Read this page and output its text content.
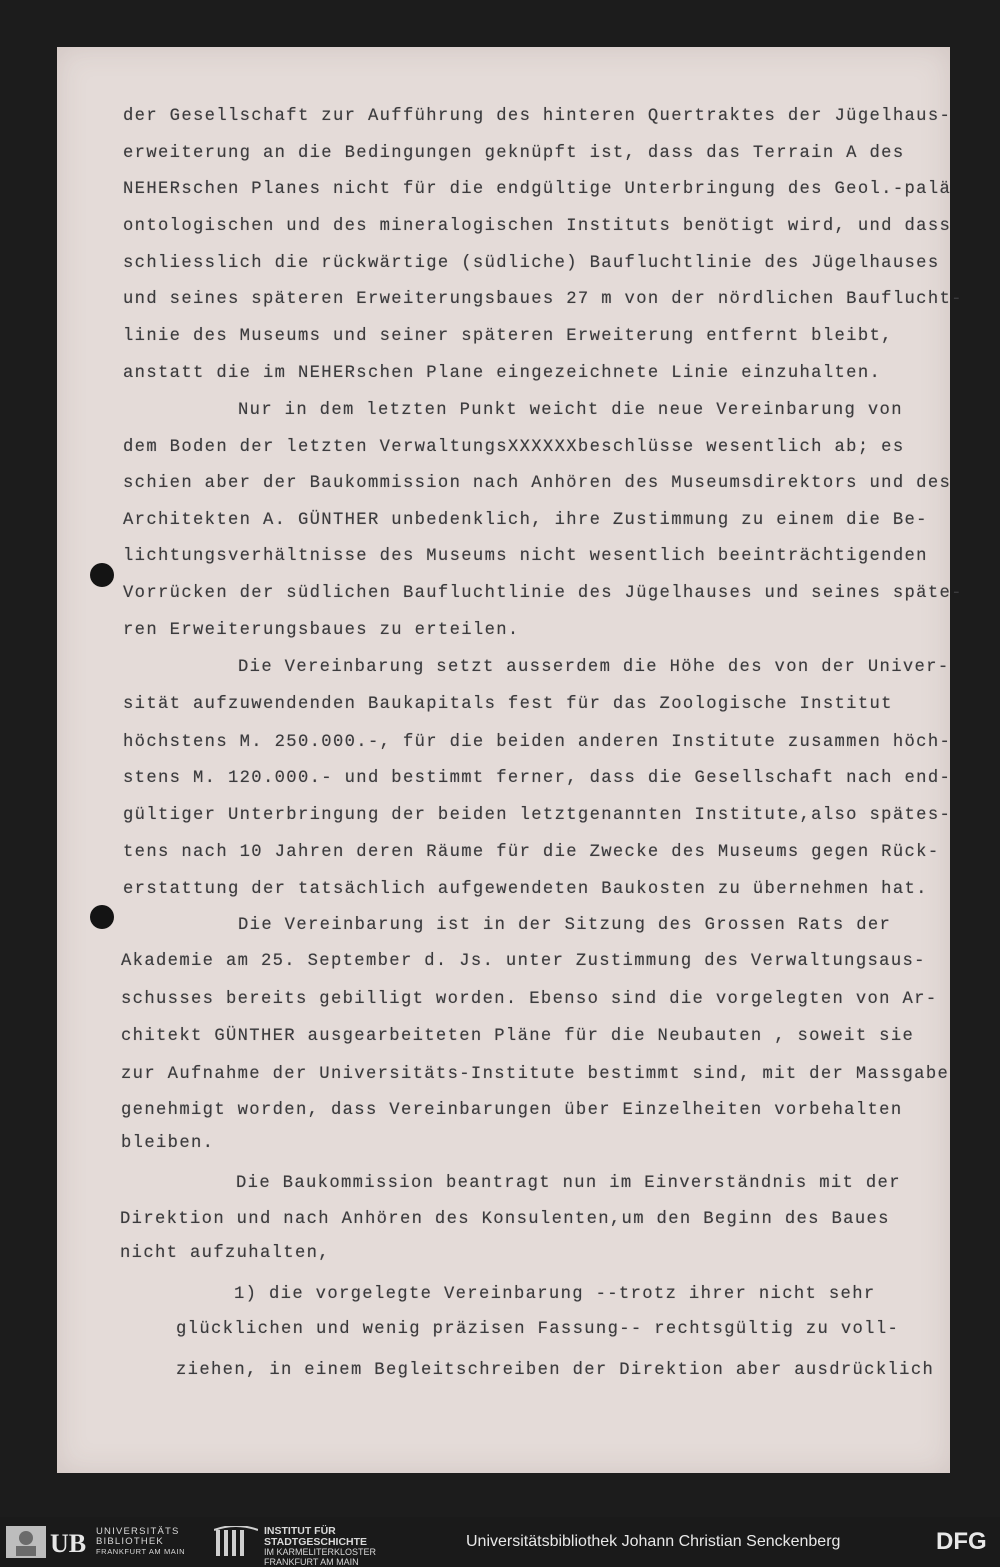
der Gesellschaft zur Aufführung des hinteren Quertraktes der Jügelhaus-
erweiterung an die Bedingungen geknüpft ist, dass das Terrain A des
NEHERschen Planes nicht für die endgültige Unterbringung des Geol.-palä
ontologischen und des mineralogischen Instituts benötigt wird, und dass
schliesslich die rückwärtige (südliche) Baufluchtlinie des Jügelhauses
und seines späteren Erweiterungsbaues 27 m von der nördlichen Bauflucht-
linie des Museums und seiner späteren Erweiterung entfernt bleibt,
anstatt die im NEHERschen Plane eingezeichnete Linie einzuhalten.
Nur in dem letzten Punkt weicht die neue Vereinbarung von
dem Boden der letzten VerwaltungsXXXXXXbeschlüsse wesentlich ab; es
schien aber der Baukommission nach Anhören des Museumsdirektors und des
Architekten A. GÜNTHER unbedenklich, ihre Zustimmung zu einem die Be-
lichtungsverhältnisse des Museums nicht wesentlich beeinträchtigenden
Vorrücken der südlichen Baufluchtlinie des Jügelhauses und seines späte-
ren Erweiterungsbaues zu erteilen.
Die Vereinbarung setzt ausserdem die Höhe des von der Univer-
sität aufzuwendenden Baukapitals fest für das Zoologische Institut
höchstens M. 250.000.-, für die beiden anderen Institute zusammen höch-
stens M. 120.000.- und bestimmt ferner, dass die Gesellschaft nach end-
gültiger Unterbringung der beiden letztgenannten Institute,also spätes-
tens nach 10 Jahren deren Räume für die Zwecke des Museums gegen Rück-
erstattung der tatsächlich aufgewendeten Baukosten zu übernehmen hat.
Die Vereinbarung ist in der Sitzung des Grossen Rats der
Akademie am 25. September d. Js. unter Zustimmung des Verwaltungsaus-
schusses bereits gebilligt worden. Ebenso sind die vorgelegten von Ar-
chitekt GÜNTHER ausgearbeiteten Pläne für die Neubauten , soweit sie
zur Aufnahme der Universitäts-Institute bestimmt sind, mit der Massgabe
genehmigt worden, dass Vereinbarungen über Einzelheiten vorbehalten
bleiben.
Die Baukommission beantragt nun im Einverständnis mit der
Direktion und nach Anhören des Konsulenten,um den Beginn des Baues
nicht aufzuhalten,
1) die vorgelegte Vereinbarung --trotz ihrer nicht sehr
glücklichen und wenig präzisen Fassung-- rechtsgültig zu voll-
ziehen, in einem Begleitschreiben der Direktion aber ausdrücklich
UB UNIVERSITÄTS
BIBLIOTHEK
FRANKFURT AM MAIN
INSTITUT FÜR
STADTGESCHICHTE
IM KARMELITERKLOSTER
FRANKFURT AM MAIN
Universitätsbibliothek Johann Christian Senckenberg	DFG
